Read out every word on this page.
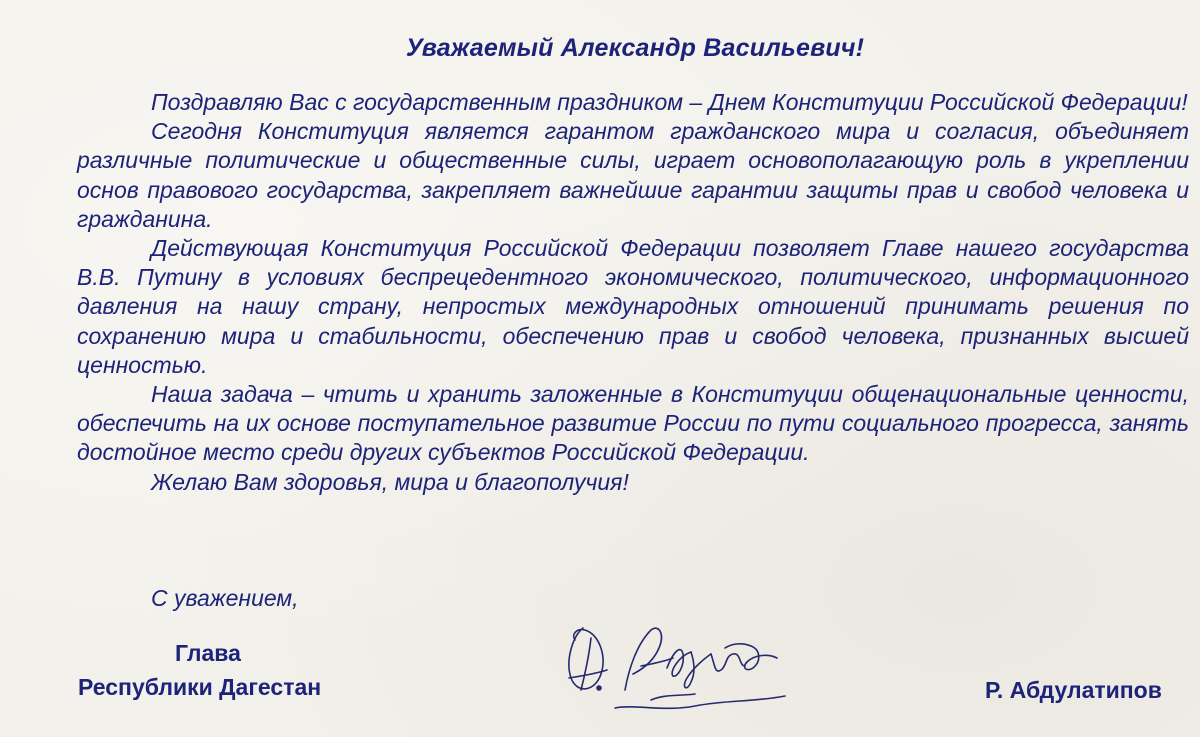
Уважаемый Александр Васильевич!

Поздравляю Вас с государственным праздником – Днем Конституции Российской Федерации!

Сегодня Конституция является гарантом гражданского мира и согласия, объединяет различные политические и общественные силы, играет основополагающую роль в укреплении основ правового государства, закрепляет важнейшие гарантии защиты прав и свобод человека и гражданина.

Действующая Конституция Российской Федерации позволяет Главе нашего государства В.В. Путину в условиях беспрецедентного экономического, политического, информационного давления на нашу страну, непростых международных отношений принимать решения по сохранению мира и стабильности, обеспечению прав и свобод человека, признанных высшей ценностью.

Наша задача – чтить и хранить заложенные в Конституции общенациональные ценности, обеспечить на их основе поступательное развитие России по пути социального прогресса, занять достойное место среди других субъектов Российской Федерации.

Желаю Вам здоровья, мира и благополучия!

С уважением,
Глава
Республики Дагестан	Р. Абдулатипов
